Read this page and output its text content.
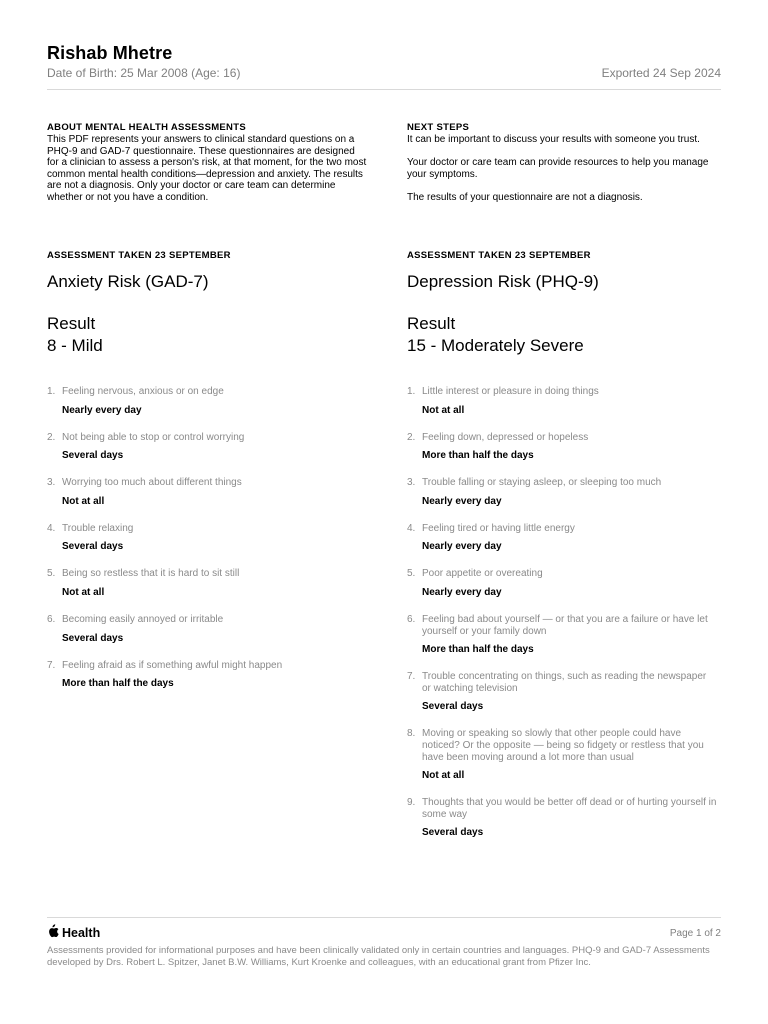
Rishab Mhetre
Date of Birth: 25 Mar 2008 (Age: 16)	Exported 24 Sep 2024
ABOUT MENTAL HEALTH ASSESSMENTS

This PDF represents your answers to clinical standard questions on a PHQ-9 and GAD-7 questionnaire. These questionnaires are designed for a clinician to assess a person's risk, at that moment, for the two most common mental health conditions—depression and anxiety. The results are not a diagnosis. Only your doctor or care team can determine whether or not you have a condition.

NEXT STEPS

It can be important to discuss your results with someone you trust.

Your doctor or care team can provide resources to help you manage your symptoms.

The results of your questionnaire are not a diagnosis.

ASSESSMENT TAKEN 23 SEPTEMBER
Anxiety Risk (GAD-7)
Result
8 - Mild
ASSESSMENT TAKEN 23 SEPTEMBER
Depression Risk (PHQ-9)
Result
15 - Moderately Severe
1. Feeling nervous, anxious or on edge
Nearly every day
2. Not being able to stop or control worrying
Several days
3. Worrying too much about different things
Not at all
4. Trouble relaxing
Several days
5. Being so restless that it is hard to sit still
Not at all
6. Becoming easily annoyed or irritable
Several days
7. Feeling afraid as if something awful might happen
More than half the days
1. Little interest or pleasure in doing things
Not at all
2. Feeling down, depressed or hopeless
More than half the days
3. Trouble falling or staying asleep, or sleeping too much
Nearly every day
4. Feeling tired or having little energy
Nearly every day
5. Poor appetite or overeating
Nearly every day
6. Feeling bad about yourself — or that you are a failure or have let yourself or your family down
More than half the days
7. Trouble concentrating on things, such as reading the newspaper or watching television
Several days
8. Moving or speaking so slowly that other people could have noticed? Or the opposite — being so fidgety or restless that you have been moving around a lot more than usual
Not at all
9. Thoughts that you would be better off dead or of hurting yourself in some way
Several days
Health	Page 1 of 2
Assessments provided for informational purposes and have been clinically validated only in certain countries and languages. PHQ-9 and GAD-7 Assessments developed by Drs. Robert L. Spitzer, Janet B.W. Williams, Kurt Kroenke and colleagues, with an educational grant from Pfizer Inc.
